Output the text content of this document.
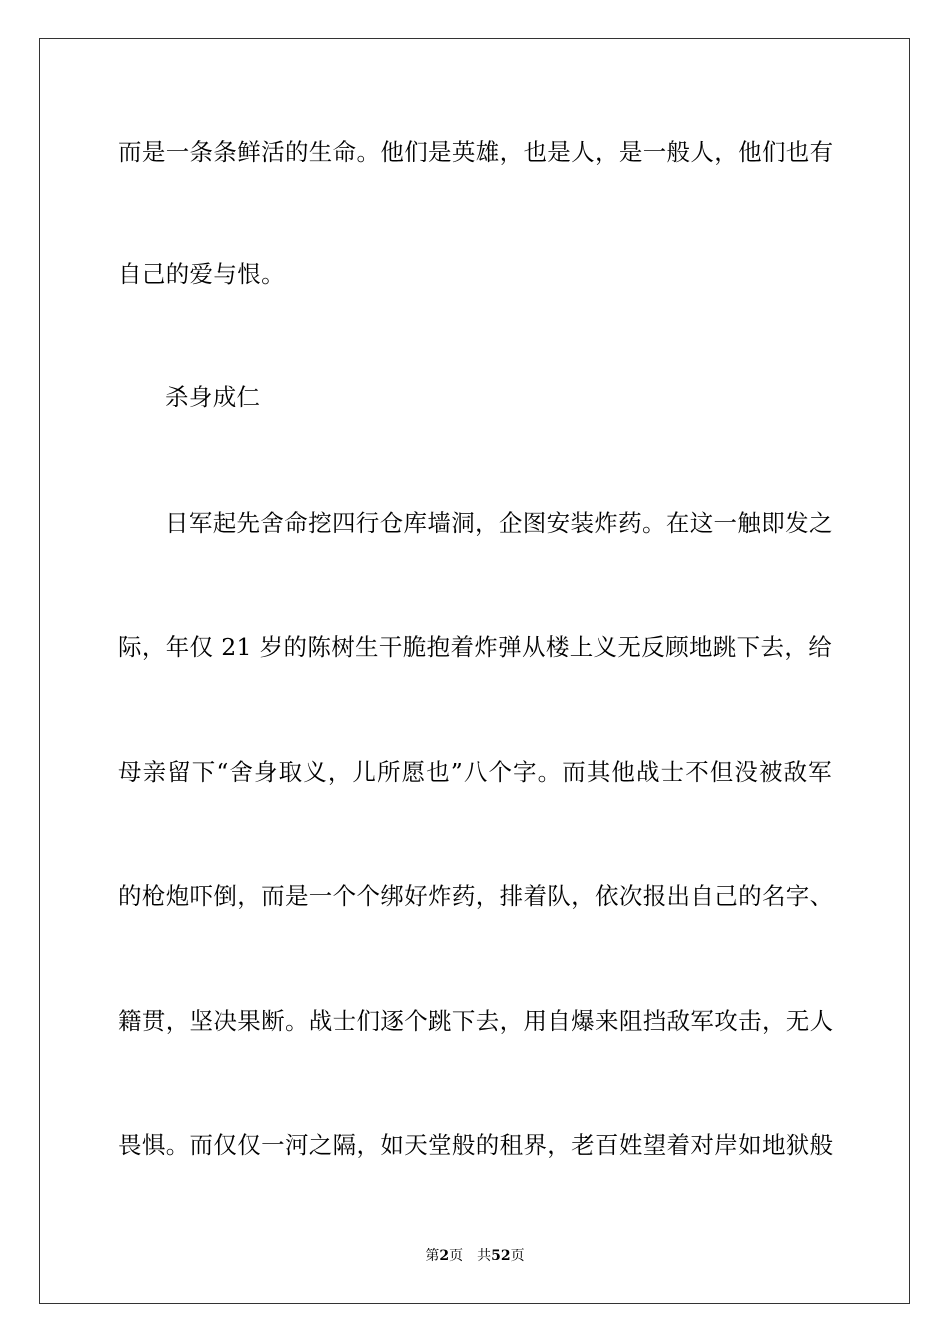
而是一条条鲜活的生命。他们是英雄，也是人，是一般人，他们也有
自己的爱与恨。
杀身成仁
日军起先舍命挖四行仓库墙洞，企图安装炸药。在这一触即发之
际，年仅 21 岁的陈树生干脆抱着炸弹从楼上义无反顾地跳下去，给
母亲留下“舍身取义，儿所愿也”八个字。而其他战士不但没被敌军
的枪炮吓倒，而是一个个绑好炸药，排着队，依次报出自己的名字、
籍贯，坚决果断。战士们逐个跳下去，用自爆来阻挡敌军攻击，无人
畏惧。而仅仅一河之隔，如天堂般的租界，老百姓望着对岸如地狱般
第2页 共52页
